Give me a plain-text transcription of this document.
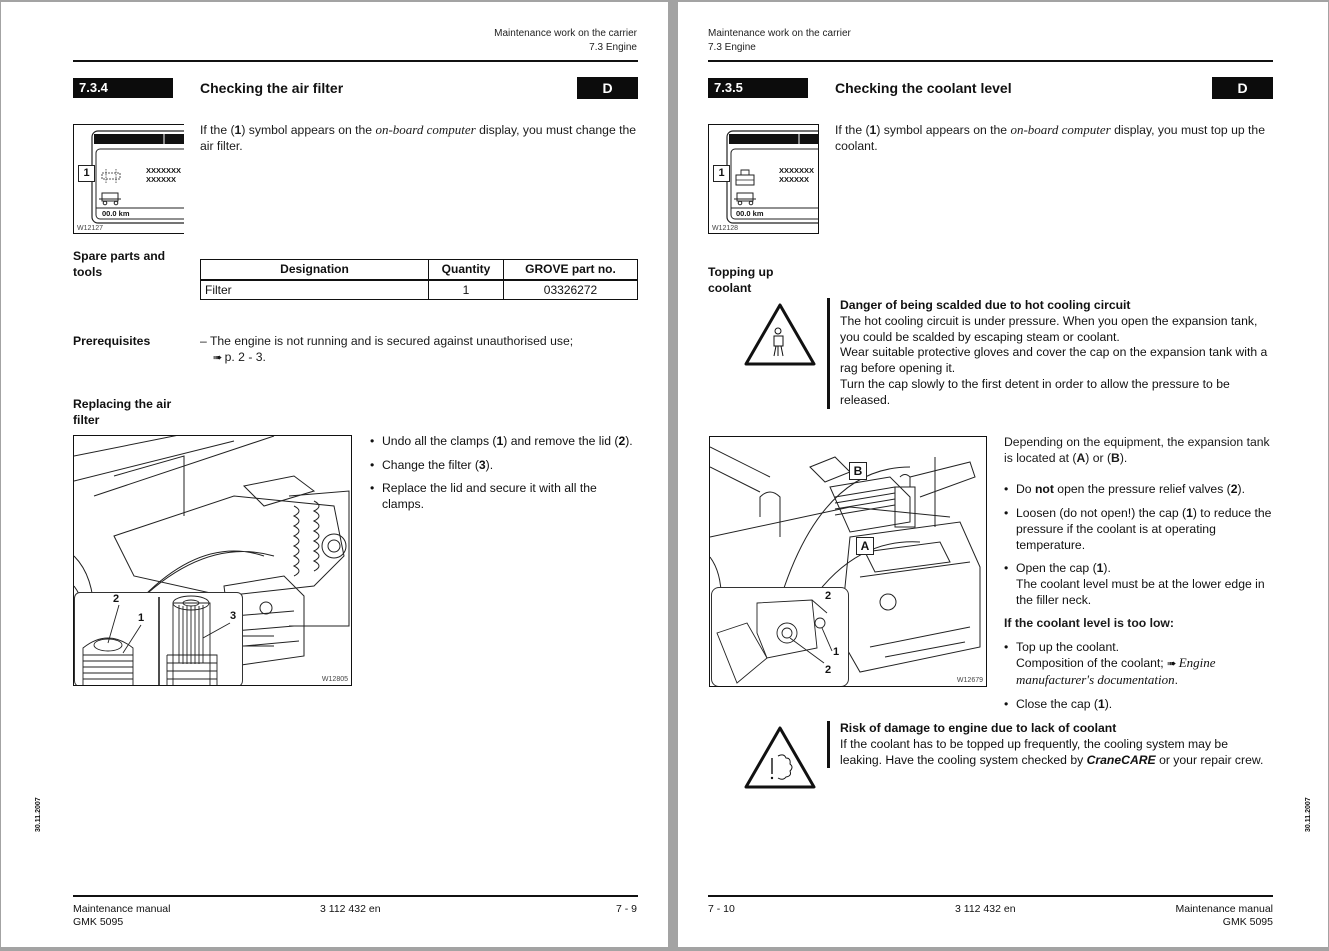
Maintenance work on the carrier
7.3 Engine
7.3.4	Checking the air filter	D
1	XXXXXXX
XXXXXX
00.0 km
W12127
If the (1) symbol appears on the on-board computer display, you must change the air filter.
Spare parts and tools	Designation	Quantity	GROVE part no.
Filter	1	03326272
Prerequisites	– The engine is not running and is secured against unauthorised use;
➠ p. 2 - 3.
Replacing the air filter
2
1	3
W12805
• Undo all the clamps (1) and remove the lid (2).
• Change the filter (3).
• Replace the lid and secure it with all the clamps.
30.11.2007
Maintenance manual
GMK 5095
3 112 432 en	7 - 9
Maintenance work on the carrier
7.3 Engine
7.3.5	Checking the coolant level	D
1	XXXXXXX
XXXXXX
00.0 km
W12128
If the (1) symbol appears on the on-board computer display, you must top up the coolant.
Topping up coolant
Danger of being scalded due to hot cooling circuit
The hot cooling circuit is under pressure. When you open the expansion tank, you could be scalded by escaping steam or coolant.
Wear suitable protective gloves and cover the cap on the expansion tank with a rag before opening it.
Turn the cap slowly to the first detent in order to allow the pressure to be released.
2
1
2
B
A
W12679
Depending on the equipment, the expansion tank is located at (A) or (B).
• Do not open the pressure relief valves (2).
• Loosen (do not open!) the cap (1) to reduce the pressure if the coolant is at operating temperature.
• Open the cap (1).
The coolant level must be at the lower edge in the filler neck.
If the coolant level is too low:
• Top up the coolant.
Composition of the coolant; ➠ Engine manufacturer's documentation.
• Close the cap (1).
Risk of damage to engine due to lack of coolant
If the coolant has to be topped up frequently, the cooling system may be leaking. Have the cooling system checked by CraneCARE or your repair crew.
30.11.2007
7 - 10	3 112 432 en	Maintenance manual
GMK 5095
